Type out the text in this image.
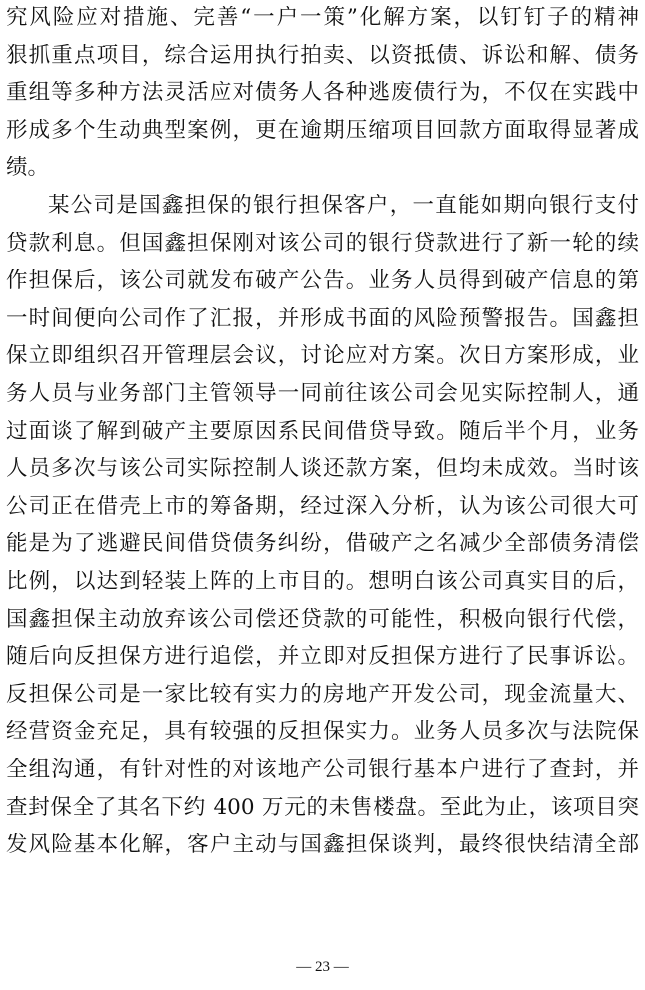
究风险应对措施、完善“一户一策”化解方案，以钉钉子的精神
狠抓重点项目，综合运用执行拍卖、以资抵债、诉讼和解、债务
重组等多种方法灵活应对债务人各种逃废债行为，不仅在实践中
形成多个生动典型案例，更在逾期压缩项目回款方面取得显著成
绩。
某公司是国鑫担保的银行担保客户，一直能如期向银行支付
贷款利息。但国鑫担保刚对该公司的银行贷款进行了新一轮的续
作担保后，该公司就发布破产公告。业务人员得到破产信息的第
一时间便向公司作了汇报，并形成书面的风险预警报告。国鑫担
保立即组织召开管理层会议，讨论应对方案。次日方案形成，业
务人员与业务部门主管领导一同前往该公司会见实际控制人，通
过面谈了解到破产主要原因系民间借贷导致。随后半个月，业务
人员多次与该公司实际控制人谈还款方案，但均未成效。当时该
公司正在借壳上市的筹备期，经过深入分析，认为该公司很大可
能是为了逃避民间借贷债务纠纷，借破产之名减少全部债务清偿
比例，以达到轻装上阵的上市目的。想明白该公司真实目的后，
国鑫担保主动放弃该公司偿还贷款的可能性，积极向银行代偿，
随后向反担保方进行追偿，并立即对反担保方进行了民事诉讼。
反担保公司是一家比较有实力的房地产开发公司，现金流量大、
经营资金充足，具有较强的反担保实力。业务人员多次与法院保
全组沟通，有针对性的对该地产公司银行基本户进行了查封，并
查封保全了其名下约 400 万元的未售楼盘。至此为止，该项目突
发风险基本化解，客户主动与国鑫担保谈判，最终很快结清全部
— 23 —
